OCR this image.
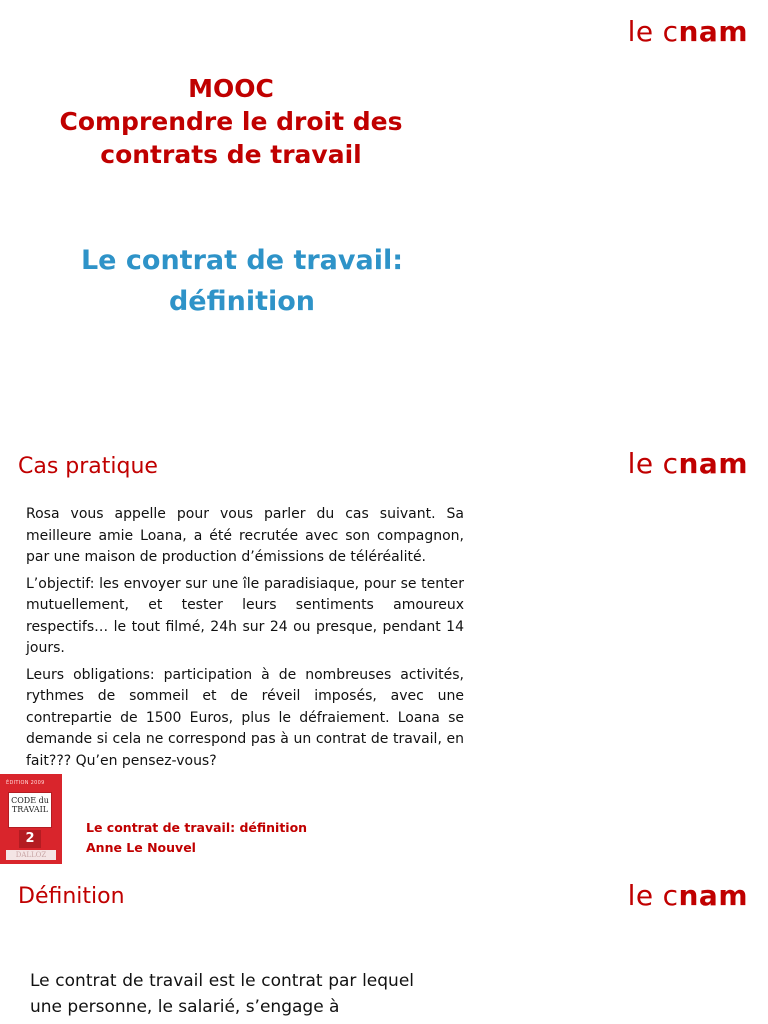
le cnam
MOOC
Comprendre le droit des
contrats de travail
Le contrat de travail:
définition
Cas pratique	le cnam

Rosa vous appelle pour vous parler du cas suivant. Sa meilleure amie Loana, a été recrutée avec son compagnon, par une maison de production d’émissions de téléréalité.

L’objectif: les envoyer sur une île paradisiaque, pour se tenter mutuellement, et tester leurs sentiments amoureux respectifs… le tout filmé, 24h sur 24 ou presque, pendant 14 jours.

Leurs obligations: participation à de nombreuses activités, rythmes de sommeil et de réveil imposés, avec une contrepartie de 1500 Euros, plus le défraiement. Loana se demande si cela ne correspond pas à un contrat de travail, en fait??? Qu’en pensez-vous?

ÉDITION 2009
CODE du TRAVAIL
2
DALLOZ
Le contrat de travail: définition
Anne Le Nouvel
Définition	le cnam
Le contrat de travail est le contrat par lequel une personne, le salarié, s’engage à
